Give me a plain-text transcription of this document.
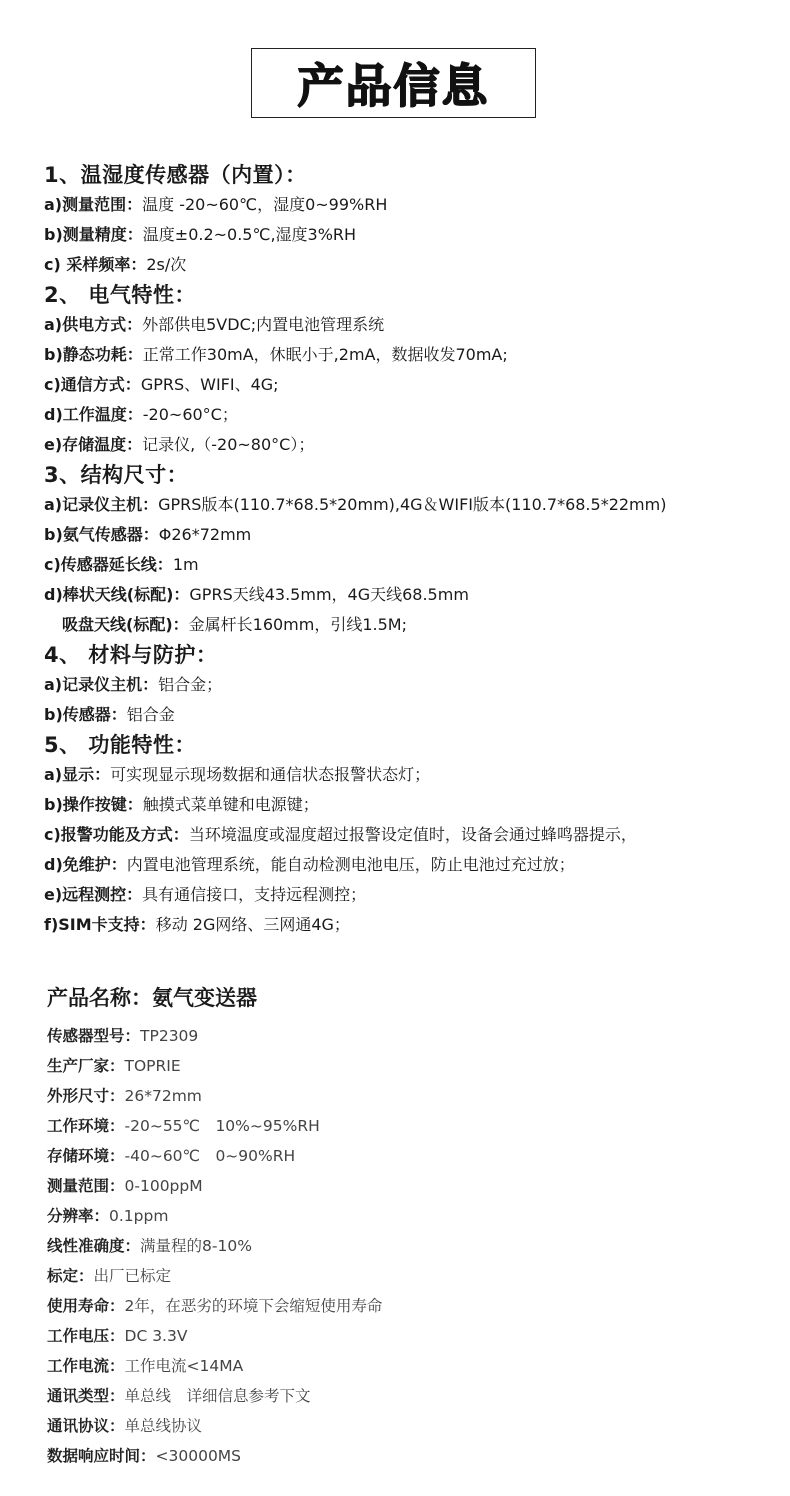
产品信息
1、温湿度传感器（内置）：
a)测量范围：温度 -20~60℃，湿度0~99%RH
b)测量精度：温度±0.2~0.5℃,湿度3%RH
c) 采样频率：2s/次
2、 电气特性：
a)供电方式：外部供电5VDC;内置电池管理系统
b)静态功耗：正常工作30mA，休眠小于,2mA，数据收发70mA;
c)通信方式：GPRS、WIFI、4G;
d)工作温度：-20~60°C；
e)存储温度：记录仪,（-20~80°C）；
3、结构尺寸：
a)记录仪主机：GPRS版本(110.7*68.5*20mm),4G＆WIFI版本(110.7*68.5*22mm)
b)氨气传感器：Φ26*72mm
c)传感器延长线：1m
d)棒状天线(标配)：GPRS天线43.5mm，4G天线68.5mm
吸盘天线(标配)：金属杆长160mm，引线1.5M;
4、 材料与防护：
a)记录仪主机：铝合金；
b)传感器：铝合金
5、 功能特性：
a)显示：可实现显示现场数据和通信状态报警状态灯；
b)操作按键：触摸式菜单键和电源键；
c)报警功能及方式：当环境温度或湿度超过报警设定值时，设备会通过蜂鸣器提示，
d)免维护：内置电池管理系统，能自动检测电池电压，防止电池过充过放；
e)远程测控：具有通信接口，支持远程测控；
f)SIM卡支持：移动 2G网络、三网通4G；
产品名称：氨气变送器
传感器型号：TP2309
生产厂家：TOPRIE
外形尺寸：26*72mm
工作环境：-20~55℃　10%~95%RH
存储环境：-40~60℃　0~90%RH
测量范围：0-100ppM
分辨率：0.1ppm
线性准确度：满量程的8-10%
标定：出厂已标定
使用寿命：2年，在恶劣的环境下会缩短使用寿命
工作电压：DC 3.3V
工作电流：工作电流<14MA
通讯类型：单总线　详细信息参考下文
通讯协议：单总线协议
数据响应时间：<30000MS
